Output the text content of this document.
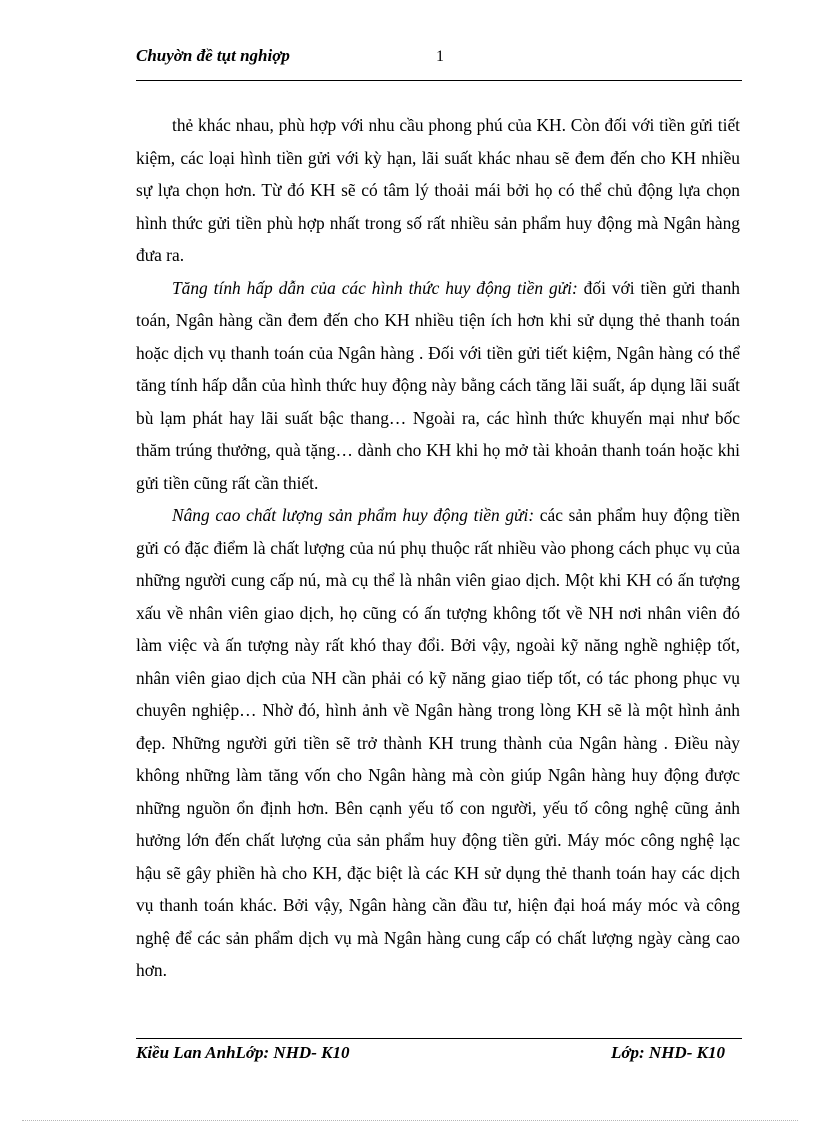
Chuyờn đề tụt nghiợp	1

thẻ khác nhau, phù hợp với nhu cầu phong phú của KH. Còn đối với tiền gửi tiết kiệm, các loại hình tiền gửi với kỳ hạn, lãi suất khác nhau sẽ đem đến cho KH nhiều sự lựa chọn hơn. Từ đó KH sẽ có tâm lý thoải mái bởi họ có thể chủ động lựa chọn hình thức gửi tiền phù hợp nhất trong số rất nhiều sản phẩm huy động mà Ngân hàng đưa ra.

Tăng tính hấp dẫn của các hình thức huy động tiền gửi: đối với tiền gửi thanh toán, Ngân hàng cần đem đến cho KH nhiều tiện ích hơn khi sử dụng thẻ thanh toán hoặc dịch vụ thanh toán của Ngân hàng . Đối với tiền gửi tiết kiệm, Ngân hàng có thể tăng tính hấp dẫn của hình thức huy động này bằng cách tăng lãi suất, áp dụng lãi suất bù lạm phát hay lãi suất bậc thang… Ngoài ra, các hình thức khuyến mại như bốc thăm trúng thưởng, quà tặng… dành cho KH khi họ mở tài khoản thanh toán hoặc khi gửi tiền cũng rất cần thiết.

Nâng cao chất lượng sản phẩm huy động tiền gửi: các sản phẩm huy động tiền gửi có đặc điểm là chất lượng của nú phụ thuộc rất nhiều vào phong cách phục vụ của những người cung cấp nú, mà cụ thể là nhân viên giao dịch. Một khi KH có ấn tượng xấu về nhân viên giao dịch, họ cũng có ấn tượng không tốt về NH nơi nhân viên đó làm việc và ấn tượng này rất khó thay đổi. Bởi vậy, ngoài kỹ năng nghề nghiệp tốt, nhân viên giao dịch của NH cần phải có kỹ năng giao tiếp tốt, có tác phong phục vụ chuyên nghiệp… Nhờ đó, hình ảnh về Ngân hàng trong lòng KH sẽ là một hình ảnh đẹp. Những người gửi tiền sẽ trở thành KH trung thành của Ngân hàng . Điều này không những làm tăng vốn cho Ngân hàng mà còn giúp Ngân hàng huy động được những nguồn ổn định hơn. Bên cạnh yếu tố con người, yếu tố công nghệ cũng ảnh hưởng lớn đến chất lượng của sản phẩm huy động tiền gửi. Máy móc công nghệ lạc hậu sẽ gây phiền hà cho KH, đặc biệt là các KH sử dụng thẻ thanh toán hay các dịch vụ thanh toán khác. Bởi vậy, Ngân hàng cần đầu tư, hiện đại hoá máy móc và công nghệ để các sản phẩm dịch vụ mà Ngân hàng cung cấp có chất lượng ngày càng cao hơn.

Kiều Lan AnhLớp: NHD- K10	Lớp: NHD- K10
